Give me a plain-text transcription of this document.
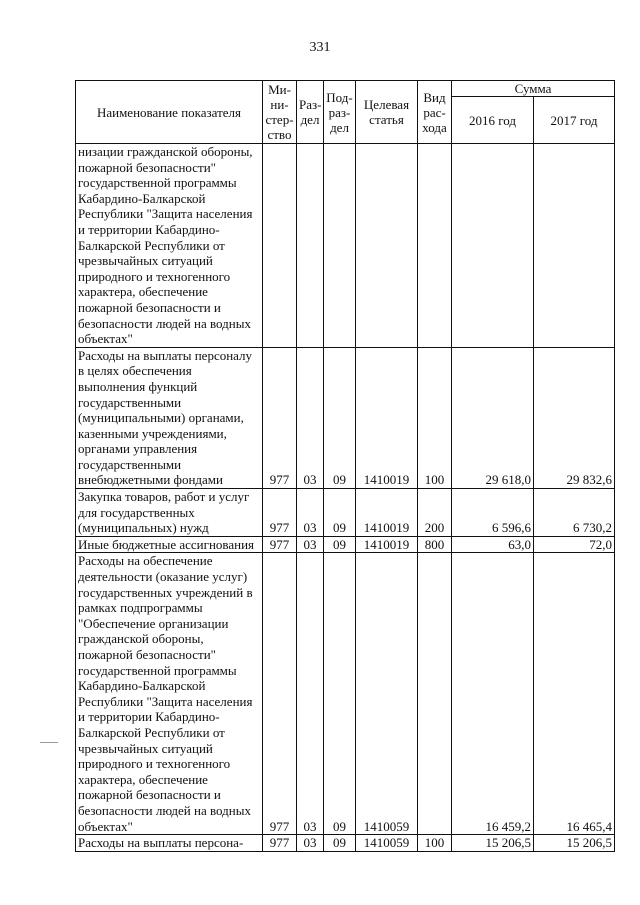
331
Наименование показателя	Ми-ни-стер-ство	Раз-дел	Под-раз-дел	Целевая статья	Вид рас-хода	Сумма	
						2016 год	2017 год
низации гражданской обороны, пожарной безопасности" государственной программы Кабардино-Балкарской Республики "Защита населения и территории Кабардино-Балкарской Республики от чрезвычайных ситуаций природного и техногенного характера, обеспечение пожарной безопасности и безопасности людей на водных объектах"							
Расходы на выплаты персоналу в целях обеспечения выполнения функций государственными (муниципальными) органами, казенными учреждениями, органами управления государственными внебюджетными фондами	977	03	09	1410019	100	29 618,0	29 832,6
Закупка товаров, работ и услуг для государственных (муниципальных) нужд	977	03	09	1410019	200	6 596,6	6 730,2
Иные бюджетные ассигнования	977	03	09	1410019	800	63,0	72,0
Расходы на обеспечение деятельности (оказание услуг) государственных учреждений в рамках подпрограммы "Обеспечение организации гражданской обороны, пожарной безопасности" государственной программы Кабардино-Балкарской Республики "Защита населения и территории Кабардино-Балкарской Республики от чрезвычайных ситуаций природного и техногенного характера, обеспечение пожарной безопасности и безопасности людей на водных объектах"	977	03	09	1410059		16 459,2	16 465,4
Расходы на выплаты персона-	977	03	09	1410059	100	15 206,5	15 206,5
